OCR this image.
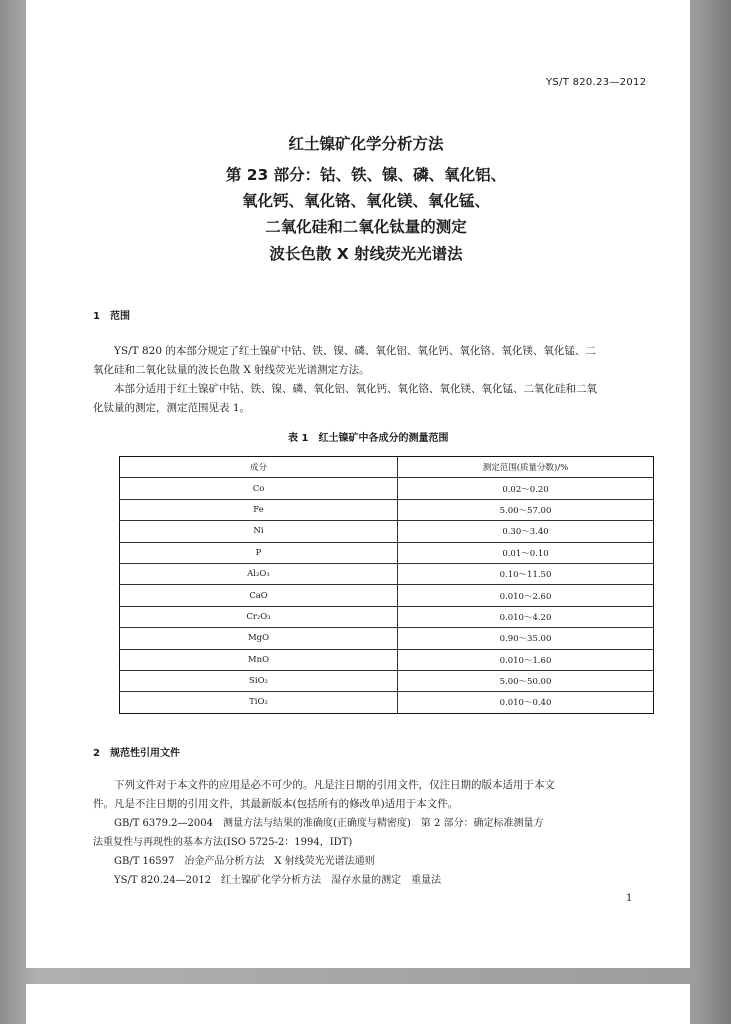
YS/T 820.23—2012
红土镍矿化学分析方法
第 23 部分：钴、铁、镍、磷、氧化铝、
氧化钙、氧化铬、氧化镁、氧化锰、
二氧化硅和二氧化钛量的测定
波长色散 X 射线荧光光谱法
1　范围
YS/T 820 的本部分规定了红土镍矿中钴、铁、镍、磷、氧化铝、氧化钙、氧化铬、氧化镁、氧化锰、二
氧化硅和二氧化钛量的波长色散 X 射线荧光光谱测定方法。
本部分适用于红土镍矿中钴、铁、镍、磷、氧化铝、氧化钙、氧化铬、氧化镁、氧化锰、二氧化硅和二氧
化钛量的测定，测定范围见表 1。
表 1　红土镍矿中各成分的测量范围
成分	测定范围(质量分数)/%
Co	0.02～0.20
Fe	5.00～57.00
Ni	0.30～3.40
P	0.01～0.10
Al₂O₃	0.10～11.50
CaO	0.010～2.60
Cr₂O₃	0.010～4.20
MgO	0.90～35.00
MnO	0.010～1.60
SiO₂	5.00～50.00
TiO₂	0.010～0.40
2　规范性引用文件
下列文件对于本文件的应用是必不可少的。凡是注日期的引用文件，仅注日期的版本适用于本文
件。凡是不注日期的引用文件，其最新版本(包括所有的修改单)适用于本文件。
GB/T 6379.2—2004　测量方法与结果的准确度(正确度与精密度)　第 2 部分：确定标准测量方
法重复性与再现性的基本方法(ISO 5725-2：1994，IDT)
GB/T 16597　冶金产品分析方法　X 射线荧光光谱法通则
YS/T 820.24—2012　红土镍矿化学分析方法　湿存水量的测定　重量法
1
